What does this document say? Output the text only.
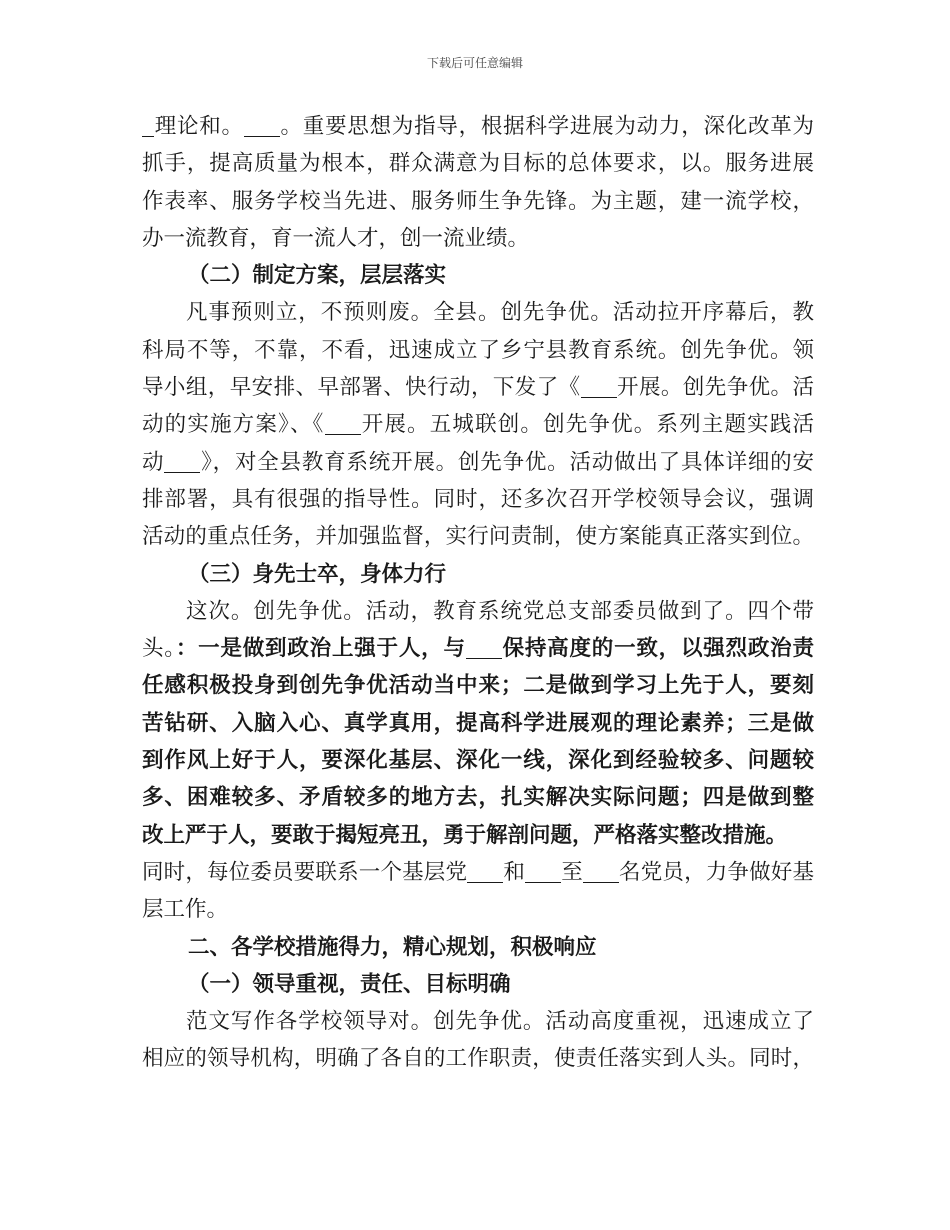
下载后可任意编辑
理论和。 。重要思想为指导，根据科学进展为动力，深化改革为
抓手，提高质量为根本，群众满意为目标的总体要求，以。服务进展
作表率、服务学校当先进、服务师生争先锋。为主题，建一流学校，
办一流教育，育一流人才，创一流业绩。
（二）制定方案，层层落实
凡事预则立，不预则废。全县。创先争优。活动拉开序幕后，教
科局不等，不靠，不看，迅速成立了乡宁县教育系统。创先争优。领
导小组，早安排、早部署、快行动，下发了《 开展。创先争优。活
动的实施方案》、《 开展。五城联创。创先争优。系列主题实践活
动 》，对全县教育系统开展。创先争优。活动做出了具体详细的安
排部署，具有很强的指导性。同时，还多次召开学校领导会议，强调
活动的重点任务，并加强监督，实行问责制，使方案能真正落实到位。
（三）身先士卒，身体力行
这次。创先争优。活动，教育系统党总支部委员做到了。四个带
头。：一是做到政治上强于人，与 保持高度的一致，以强烈政治责
任感积极投身到创先争优活动当中来；二是做到学习上先于人，要刻
苦钻研、入脑入心、真学真用，提高科学进展观的理论素养；三是做
到作风上好于人，要深化基层、深化一线，深化到经验较多、问题较
多、困难较多、矛盾较多的地方去，扎实解决实际问题；四是做到整
改上严于人，要敢于揭短亮丑，勇于解剖问题，严格落实整改措施。
同时，每位委员要联系一个基层党 和 至 名党员，力争做好基
层工作。
二、各学校措施得力，精心规划，积极响应
（一）领导重视，责任、目标明确
范文写作各学校领导对。创先争优。活动高度重视，迅速成立了
相应的领导机构，明确了各自的工作职责，使责任落实到人头。同时，
